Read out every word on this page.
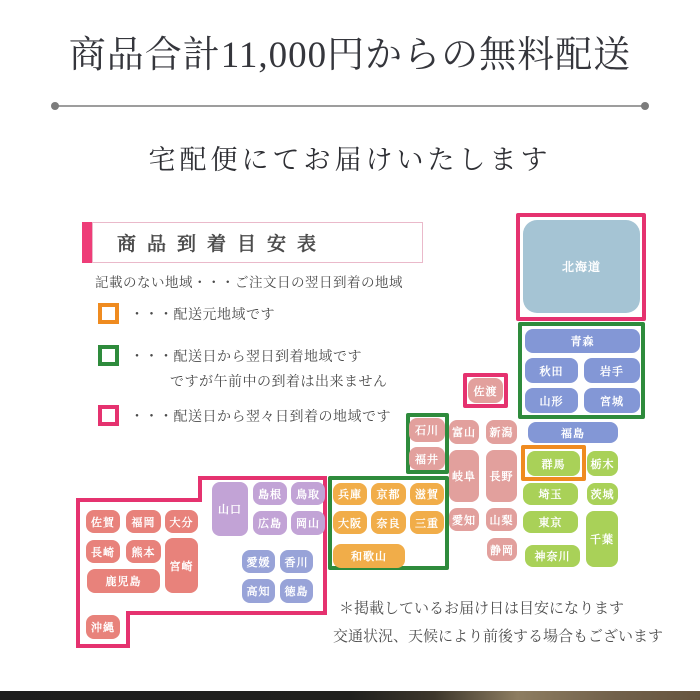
商品合計11,000円からの無料配送
宅配便にてお届けいたします
商品到着目安表
記載のない地域・・・ご注文日の翌日到着の地域
・・・配送元地域です
・・・配送日から翌日到着地域です
ですが午前中の到着は出来ません
・・・配送日から翌々日到着の地域です
北海道
青森
秋田	岩手
山形	宮城
福島
群馬	栃木
埼玉	茨城
東京
千葉
神奈川
佐渡
石川
福井
富山	新潟
岐阜	長野
愛知	山梨
静岡
兵庫	京都	滋賀
大阪	奈良	三重
和歌山
山口
島根	鳥取
広島	岡山
愛媛	香川
高知	徳島
佐賀	福岡	大分
長崎	熊本
宮崎
鹿児島
沖縄
＊掲載しているお届け日は目安になります
交通状況、天候により前後する場合もございます
